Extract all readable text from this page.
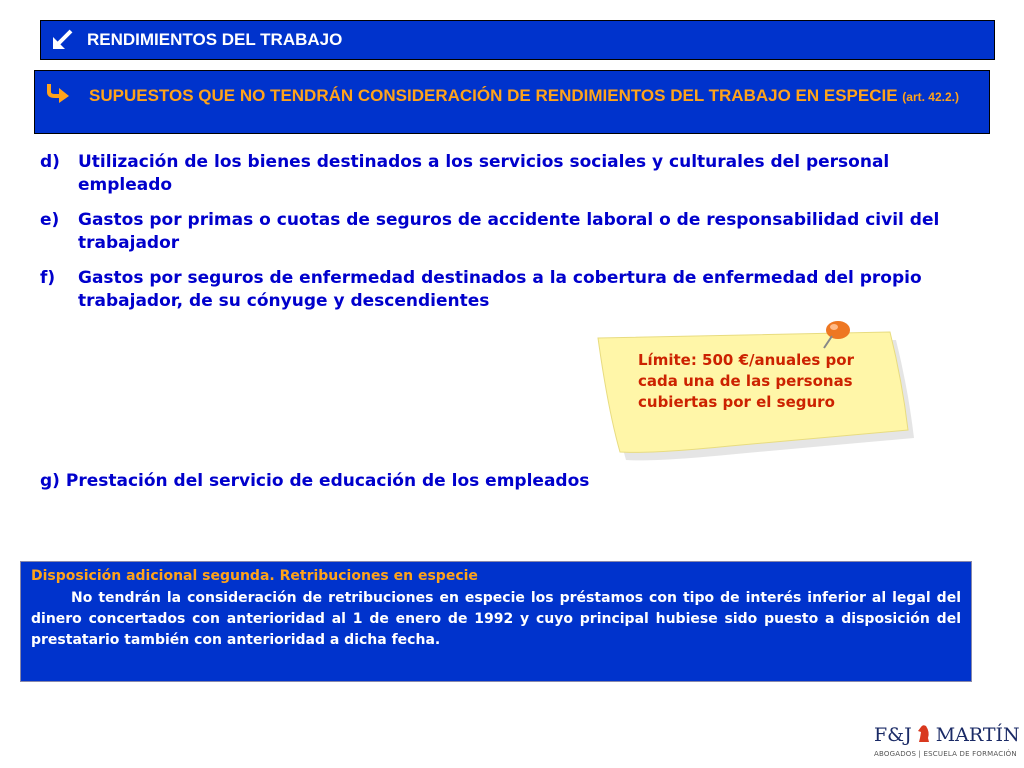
RENDIMIENTOS DEL TRABAJO
SUPUESTOS QUE NO TENDRÁN CONSIDERACIÓN DE RENDIMIENTOS DEL TRABAJO EN ESPECIE (art. 42.2.)
d)	Utilización de los bienes destinados a los servicios sociales y culturales del personal empleado
e)	Gastos por primas o cuotas de seguros de accidente laboral o de responsabilidad civil del trabajador
f)	Gastos por seguros de enfermedad destinados a la cobertura de enfermedad del propio trabajador, de su cónyuge y descendientes
Límite: 500 €/anuales por cada una de las personas cubiertas por el seguro
g) Prestación del servicio de educación de los empleados
Disposición adicional segunda. Retribuciones en especie
No tendrán la consideración de retribuciones en especie los préstamos con tipo de interés inferior al legal del dinero concertados con anterioridad al 1 de enero de 1992 y cuyo principal hubiese sido puesto a disposición del prestatario también con anterioridad a dicha fecha.
F&J MARTÍN
ABOGADOS | ESCUELA DE FORMACIÓN
